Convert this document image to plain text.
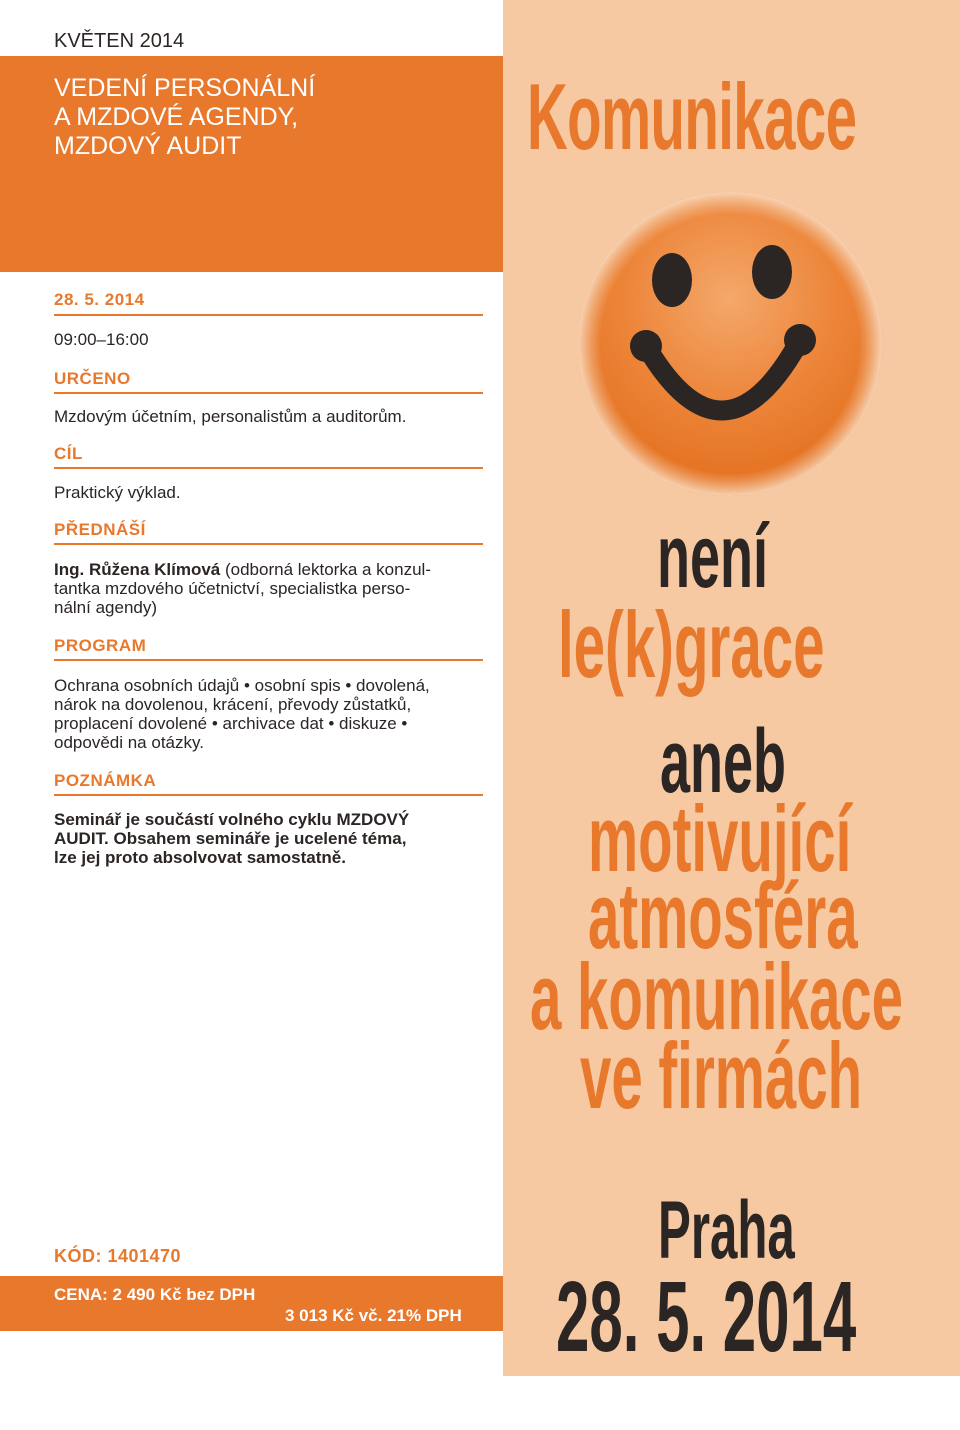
KVĚTEN 2014
VEDENÍ PERSONÁLNÍ
A MZDOVÉ AGENDY,
MZDOVÝ AUDIT
28. 5. 2014
09:00–16:00
URČENO
Mzdovým účetním, personalistům a auditorům.
CÍL
Praktický výklad.
PŘEDNÁŠÍ
Ing. Růžena Klímová (odborná lektorka a konzul-
tantka mzdového účetnictví, specialistka perso-
nální agendy)
PROGRAM
Ochrana osobních údajů • osobní spis • dovolená,
nárok na dovolenou, krácení, převody zůstatků,
proplacení dovolené • archivace dat • diskuze •
odpovědi na otázky.
POZNÁMKA
Seminář je součástí volného cyklu MZDOVÝ
AUDIT. Obsahem semináře je ucelené téma,
lze jej proto absolvovat samostatně.
KÓD: 1401470
CENA: 2 490 Kč bez DPH
3 013 Kč vč. 21% DPH
Komunikace
není
le(k)grace
aneb
motivující
atmosféra
a komunikace
ve firmách
Praha
28. 5. 2014
